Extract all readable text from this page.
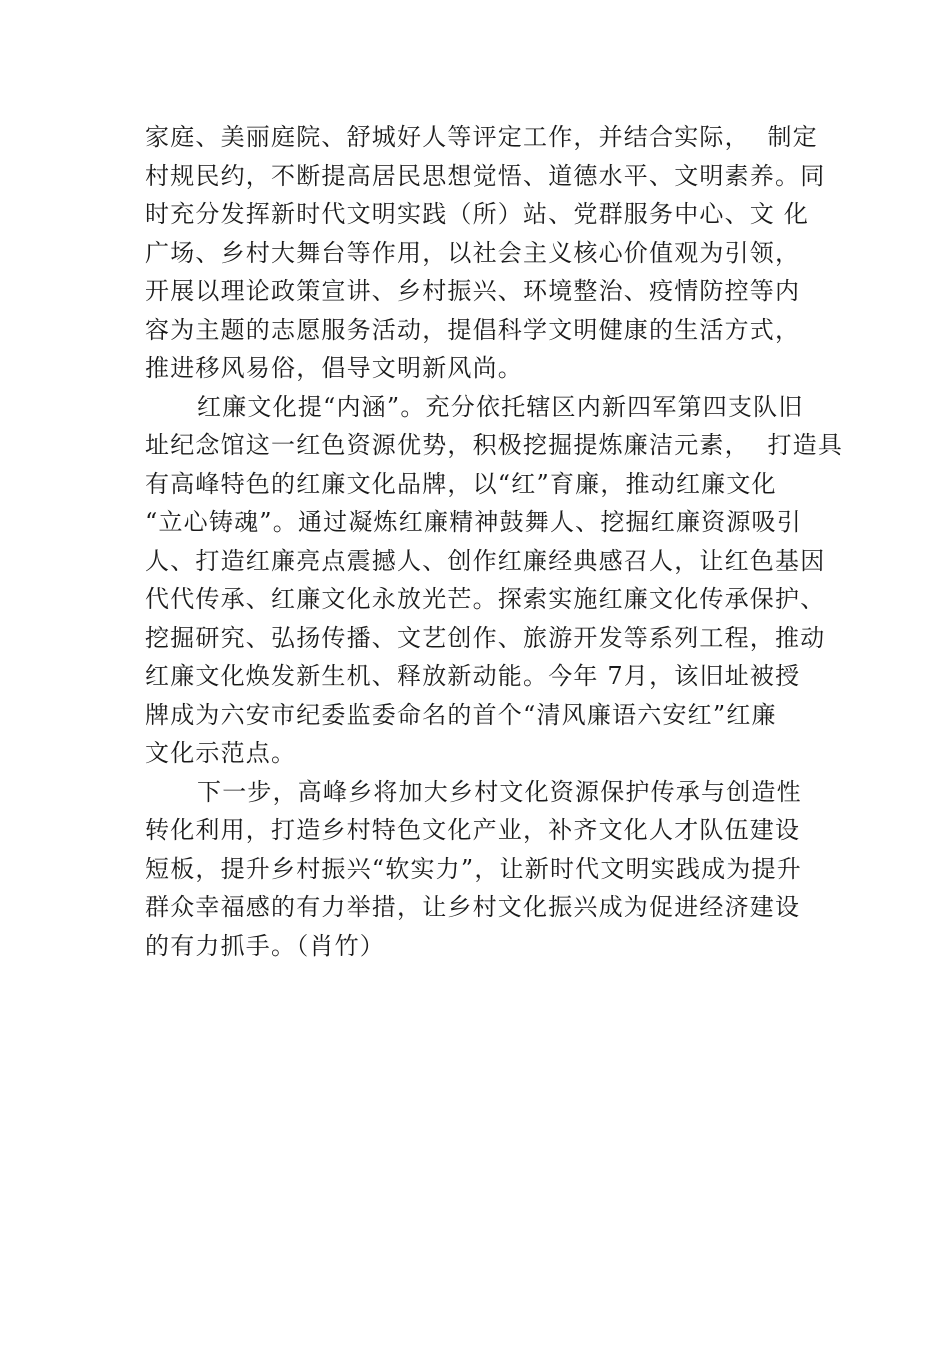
家庭、美丽庭院、舒城好人等评定工作，并结合实际，  制定
村规民约，不断提高居民思想觉悟、道德水平、文明素养。同
时充分发挥新时代文明实践（所）站、党群服务中心、文 化
广场、乡村大舞台等作用，以社会主义核心价值观为引领，
开展以理论政策宣讲、乡村振兴、环境整治、疫情防控等内
容为主题的志愿服务活动，提倡科学文明健康的生活方式，
推进移风易俗，倡导文明新风尚。

红廉文化提“内涵”。充分依托辖区内新四军第四支队旧
址纪念馆这一红色资源优势，积极挖掘提炼廉洁元素，  打造具
有高峰特色的红廉文化品牌，以“红”育廉，推动红廉文化
“立心铸魂”。通过凝炼红廉精神鼓舞人、挖掘红廉资源吸引
人、打造红廉亮点震撼人、创作红廉经典感召人，让红色基因
代代传承、红廉文化永放光芒。探索实施红廉文化传承保护、
挖掘研究、弘扬传播、文艺创作、旅游开发等系列工程，推动
红廉文化焕发新生机、释放新动能。今年 7月，该旧址被授
牌成为六安市纪委监委命名的首个“清风廉语六安红”红廉
文化示范点。

下一步，高峰乡将加大乡村文化资源保护传承与创造性
转化利用，打造乡村特色文化产业，补齐文化人才队伍建设
短板，提升乡村振兴“软实力”，让新时代文明实践成为提升
群众幸福感的有力举措，让乡村文化振兴成为促进经济建设
的有力抓手。（肖竹）
